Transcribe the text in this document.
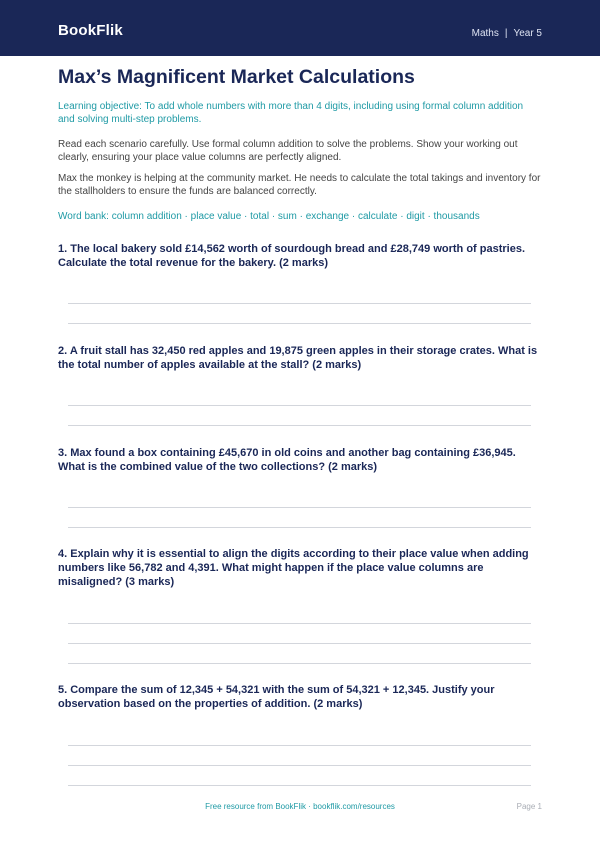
BookFlik	Maths | Year 5
Max’s Magnificent Market Calculations
Learning objective: To add whole numbers with more than 4 digits, including using formal column addition and solving multi-step problems.
Read each scenario carefully. Use formal column addition to solve the problems. Show your working out clearly, ensuring your place value columns are perfectly aligned.
Max the monkey is helping at the community market. He needs to calculate the total takings and inventory for the stallholders to ensure the funds are balanced correctly.
Word bank: column addition · place value · total · sum · exchange · calculate · digit · thousands
1. The local bakery sold £14,562 worth of sourdough bread and £28,749 worth of pastries. Calculate the total revenue for the bakery. (2 marks)
2. A fruit stall has 32,450 red apples and 19,875 green apples in their storage crates. What is the total number of apples available at the stall? (2 marks)
3. Max found a box containing £45,670 in old coins and another bag containing £36,945. What is the combined value of the two collections? (2 marks)
4. Explain why it is essential to align the digits according to their place value when adding numbers like 56,782 and 4,391. What might happen if the place value columns are misaligned? (3 marks)
5. Compare the sum of 12,345 + 54,321 with the sum of 54,321 + 12,345. Justify your observation based on the properties of addition. (2 marks)
Free resource from BookFlik · bookflik.com/resources	Page 1
